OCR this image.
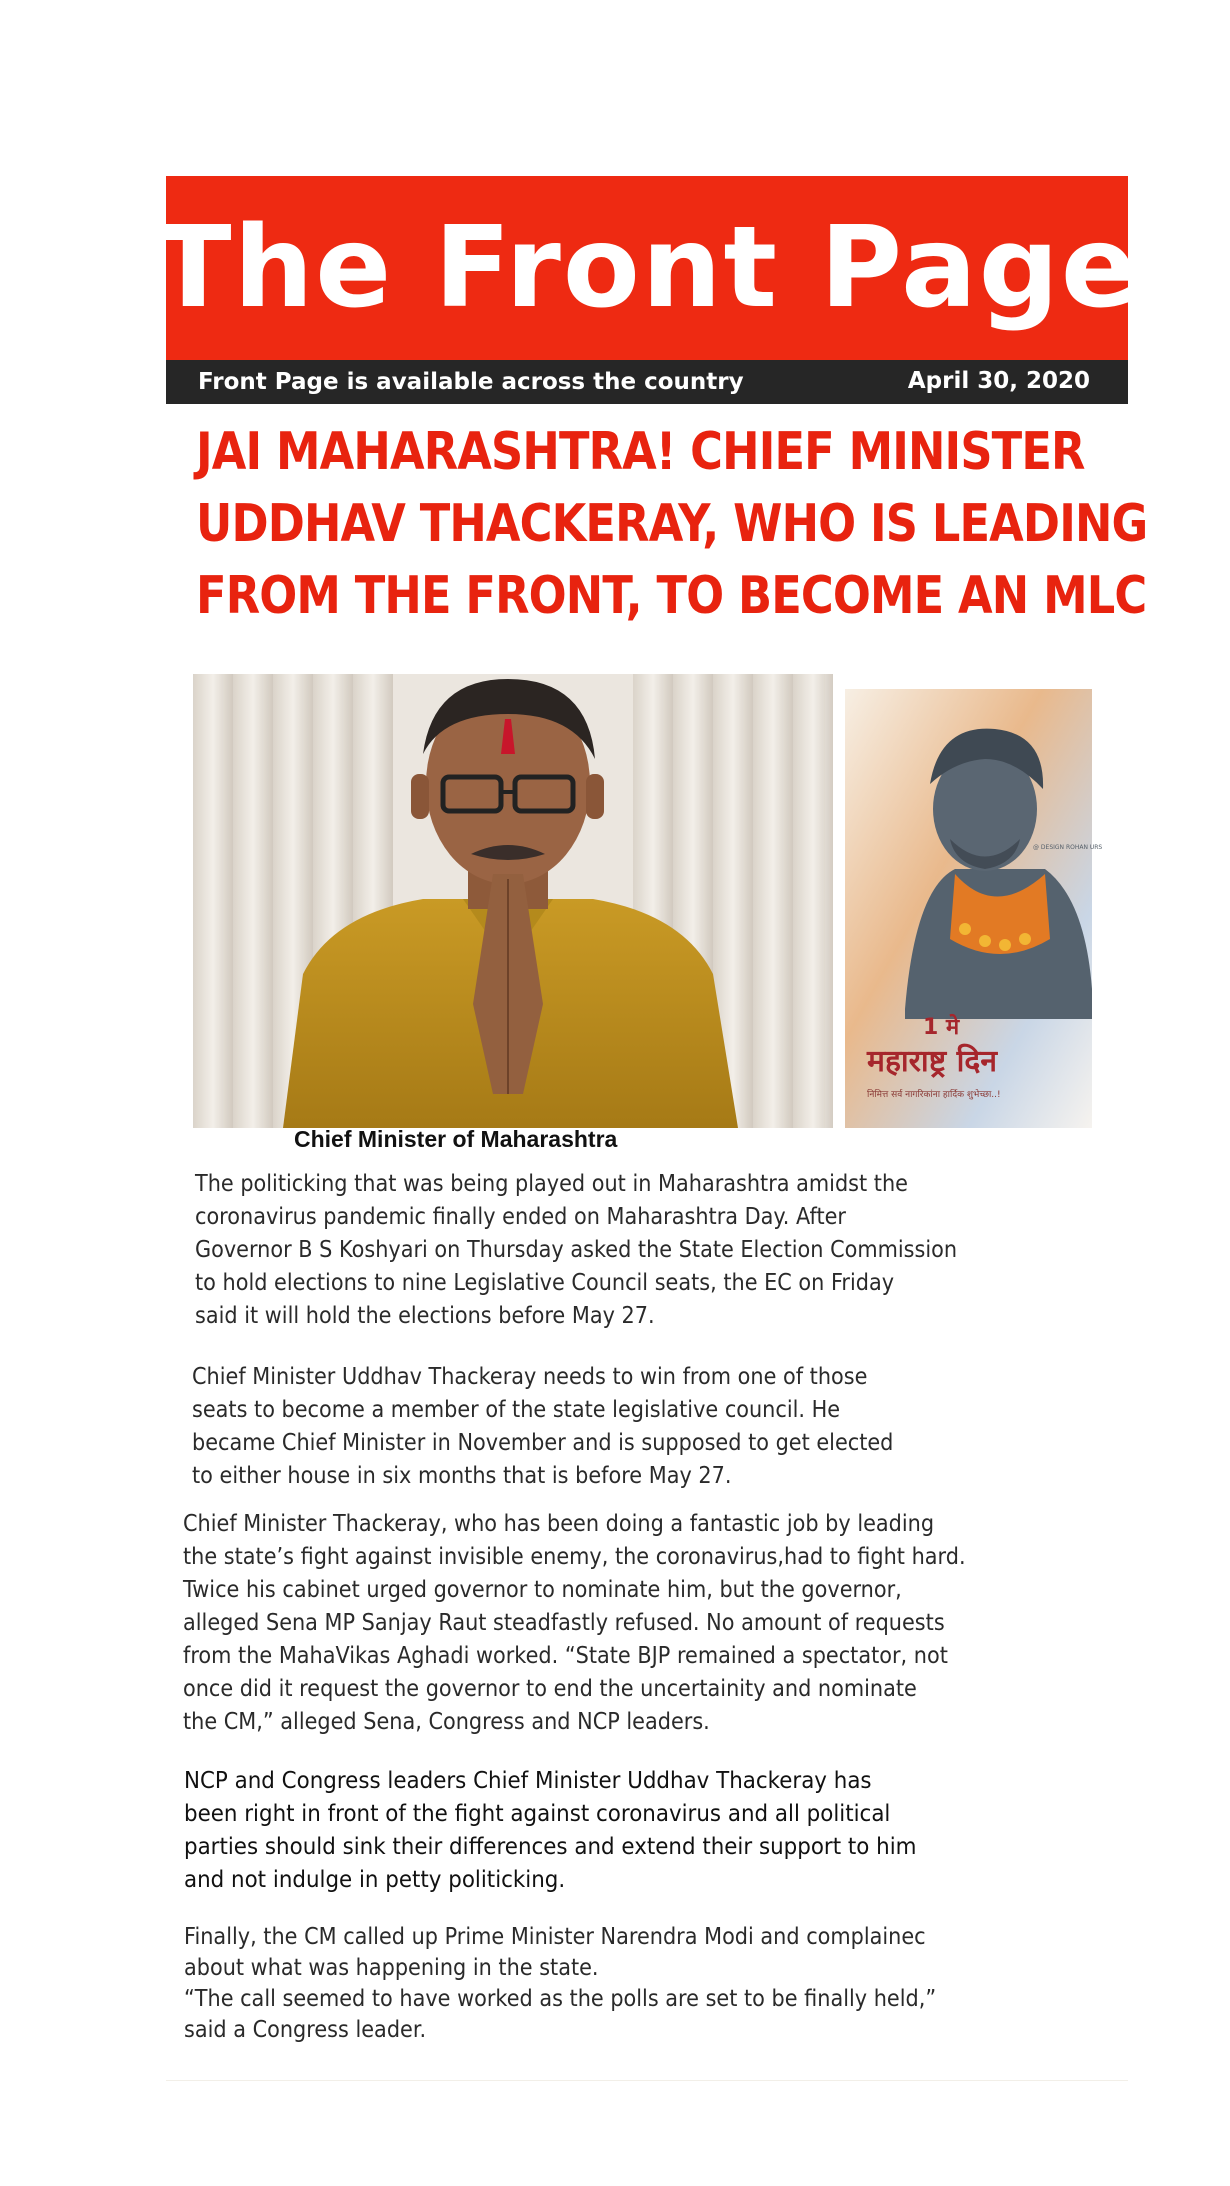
The Front Page
Front Page is available across the country	April 30, 2020
JAI MAHARASHTRA! CHIEF MINISTER
UDDHAV THACKERAY, WHO IS LEADING
FROM THE FRONT, TO BECOME AN MLC
@ DESIGN ROHAN URS
1 मे
महाराष्ट्र दिन
निमित्त सर्व नागरिकांना हार्दिक शुभेच्छा..!
Chief Minister of Maharashtra
The politicking that was being played out in Maharashtra amidst the
coronavirus pandemic finally ended on Maharashtra Day. After
Governor B S Koshyari on Thursday asked the State Election Commission
to hold elections to nine Legislative Council seats, the EC on Friday
said it will hold the elections before May 27.
Chief Minister Uddhav Thackeray needs to win from one of those
seats to become a member of the state legislative council. He
became Chief Minister in November and is supposed to get elected
to either house in six months that is before May 27.
Chief Minister Thackeray, who has been doing a fantastic job by leading
the state’s fight against invisible enemy, the coronavirus,had to fight hard.
Twice his cabinet urged governor to nominate him, but the governor,
alleged Sena MP Sanjay Raut steadfastly refused. No amount of requests
from the MahaVikas Aghadi worked. “State BJP remained a spectator, not
once did it request the governor to end the uncertainity and nominate
the CM,” alleged Sena, Congress and NCP leaders.
NCP and Congress leaders Chief Minister Uddhav Thackeray has
been right in front of the fight against coronavirus and all political
parties should sink their differences and extend their support to him
and not indulge in petty politicking.
Finally, the CM called up Prime Minister Narendra Modi and complainec
about what was happening in the state.
“The call seemed to have worked as the polls are set to be finally held,”
said a Congress leader.
